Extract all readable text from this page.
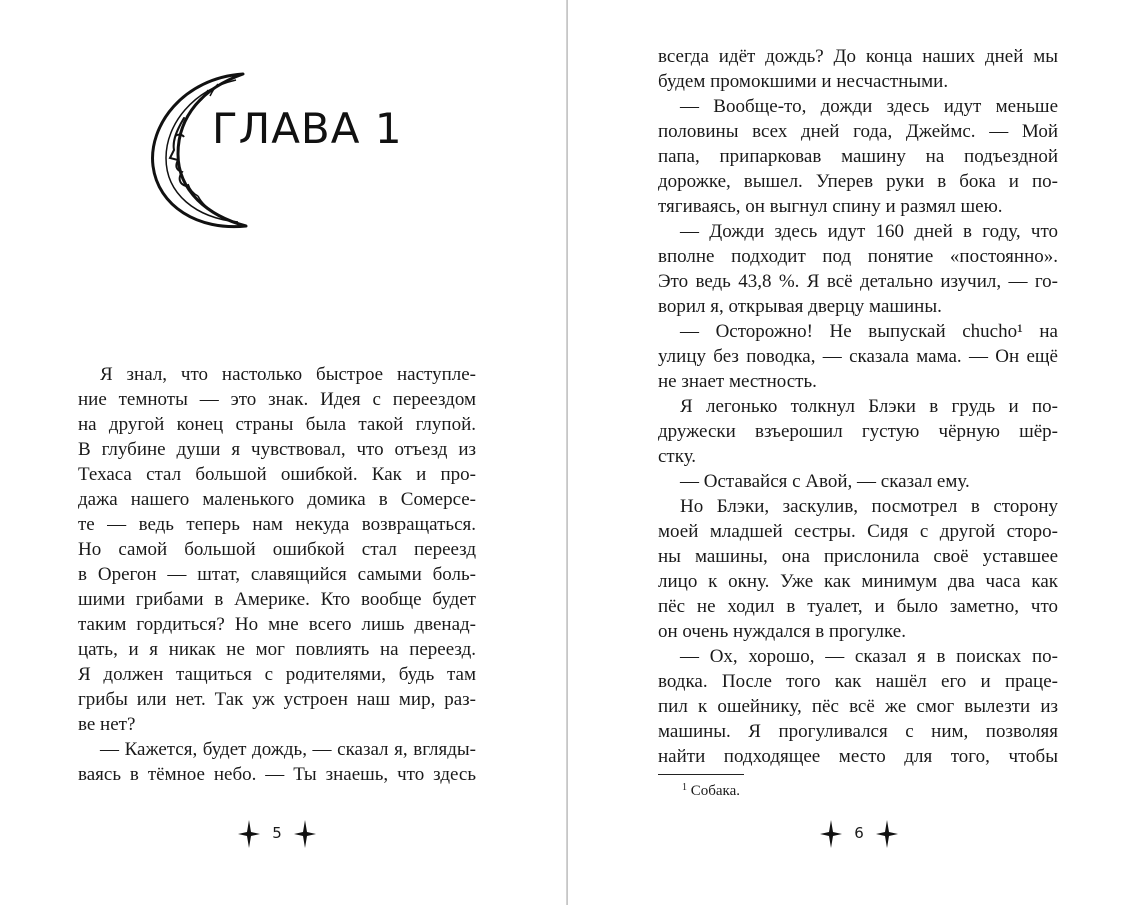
ГЛАВА 1
Я знал, что настолько быстрое наступле-
ние темноты — это знак. Идея с переездом
на другой конец страны была такой глупой.
В глубине души я чувствовал, что отъезд из
Техаса стал большой ошибкой. Как и про-
дажа нашего маленького домика в Сомерсе-
те — ведь теперь нам некуда возвращаться.
Но самой большой ошибкой стал переезд
в Орегон — штат, славящийся самыми боль-
шими грибами в Америке. Кто вообще будет
таким гордиться? Но мне всего лишь двенад-
цать, и я никак не мог повлиять на переезд.
Я должен тащиться с родителями, будь там
грибы или нет. Так уж устроен наш мир, раз-
ве нет?
— Кажется, будет дождь, — сказал я, вгляды-
ваясь в тёмное небо. — Ты знаешь, что здесь
5
всегда идёт дождь? До конца наших дней мы
будем промокшими и несчастными.
— Вообще-то, дожди здесь идут меньше
половины всех дней года, Джеймс. — Мой
папа, припарковав машину на подъездной
дорожке, вышел. Уперев руки в бока и по-
тягиваясь, он выгнул спину и размял шею.
— Дожди здесь идут 160 дней в году, что
вполне подходит под понятие «постоянно».
Это ведь 43,8 %. Я всё детально изучил, — го-
ворил я, открывая дверцу машины.
— Осторожно! Не выпускай chucho¹ на
улицу без поводка, — сказала мама. — Он ещё
не знает местность.
Я легонько толкнул Блэки в грудь и по-
дружески взъерошил густую чёрную шёр-
стку.
— Оставайся с Авой, — сказал ему.
Но Блэки, заскулив, посмотрел в сторону
моей младшей сестры. Сидя с другой сторо-
ны машины, она прислонила своё уставшее
лицо к окну. Уже как минимум два часа как
пёс не ходил в туалет, и было заметно, что
он очень нуждался в прогулке.
— Ох, хорошо, — сказал я в поисках по-
водка. После того как нашёл его и праце-
пил к ошейнику, пёс всё же смог вылезти из
машины. Я прогуливался с ним, позволяя
найти подходящее место для того, чтобы
$^1$ Собака.
6
